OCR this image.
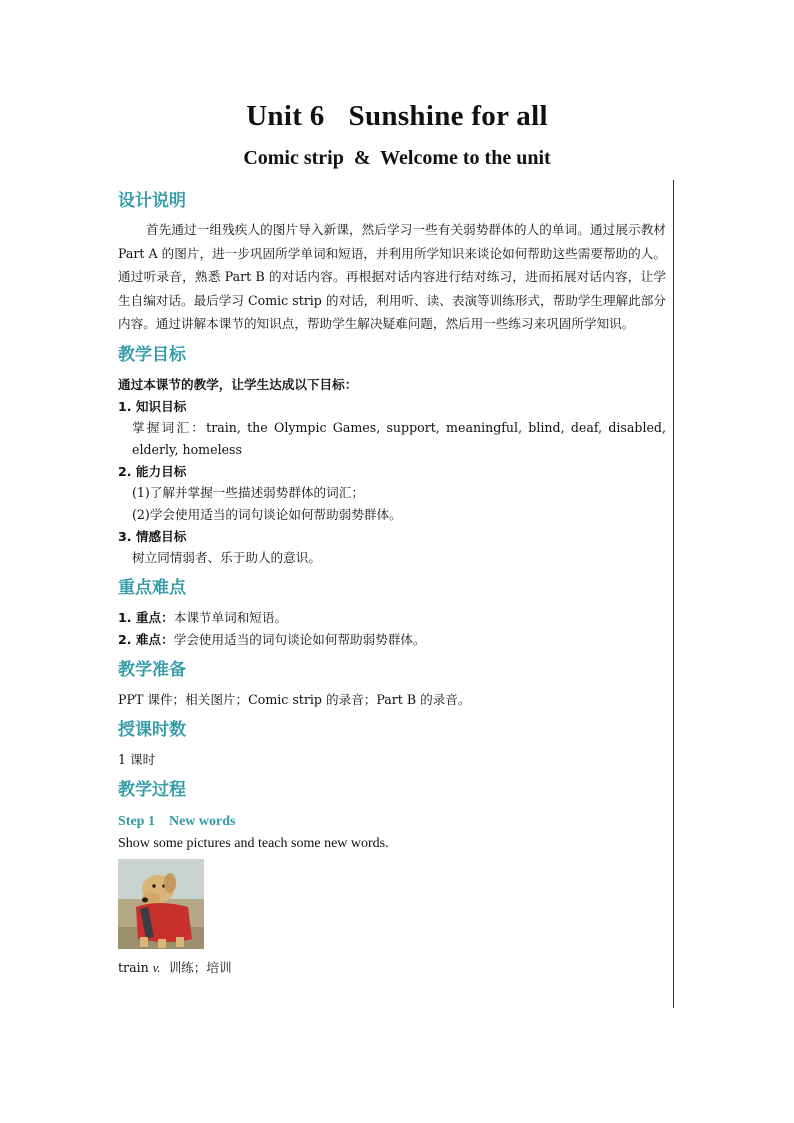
Unit 6 Sunshine for all
Comic strip  &  Welcome to the unit
设计说明

首先通过一组残疾人的图片导入新课，然后学习一些有关弱势群体的人的单词。通过展示教材 Part A 的图片，进一步巩固所学单词和短语，并利用所学知识来谈论如何帮助这些需要帮助的人。通过听录音，熟悉 Part B 的对话内容。再根据对话内容进行结对练习，进而拓展对话内容，让学生自编对话。最后学习 Comic strip 的对话，利用听、读、表演等训练形式，帮助学生理解此部分内容。通过讲解本课节的知识点，帮助学生解决疑难问题，然后用一些练习来巩固所学知识。

教学目标

通过本课节的教学，让学生达成以下目标：

1. 知识目标

掌握词汇：train, the Olympic Games, support, meaningful, blind, deaf, disabled, elderly, homeless

2. 能力目标

(1)了解并掌握一些描述弱势群体的词汇；

(2)学会使用适当的词句谈论如何帮助弱势群体。

3. 情感目标

树立同情弱者、乐于助人的意识。

重点难点

1. 重点：本课节单词和短语。

2. 难点：学会使用适当的词句谈论如何帮助弱势群体。

教学准备

PPT 课件；相关图片；Comic strip 的录音；Part B 的录音。

授课时数

1 课时

教学过程

Step 1 New words

Show some pictures and teach some new words.

train v. 训练；培训
